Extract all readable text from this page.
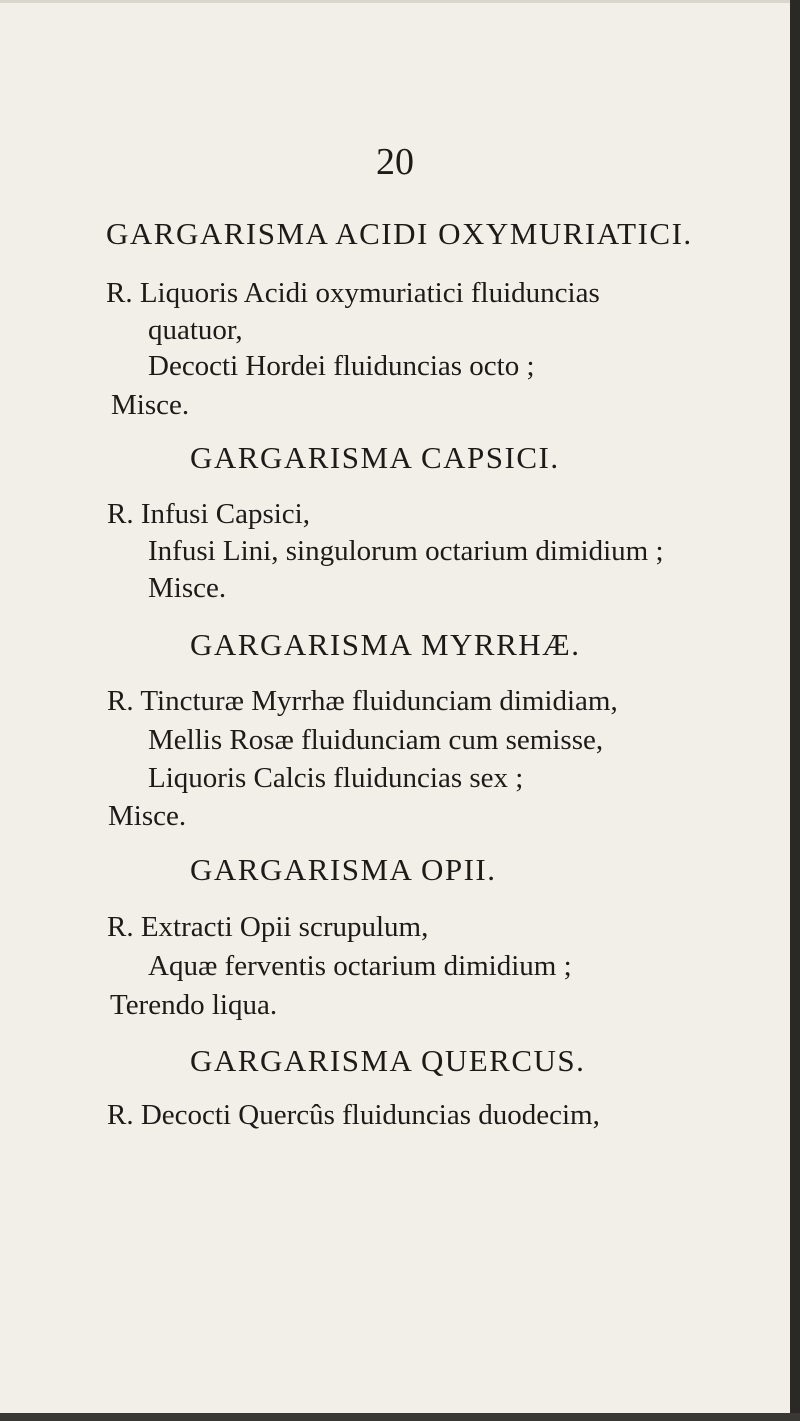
20
GARGARISMA ACIDI OXYMURIATICI.
R. Liquoris Acidi oxymuriatici fluiduncias
quatuor,
Decocti Hordei fluiduncias octo ;
Misce.
GARGARISMA CAPSICI.
R. Infusi Capsici,
Infusi Lini, singulorum octarium dimidium ;
Misce.
GARGARISMA MYRRHÆ.
R. Tincturæ Myrrhæ fluidunciam dimidiam,
Mellis Rosæ fluidunciam cum semisse,
Liquoris Calcis fluiduncias sex ;
Misce.
GARGARISMA OPII.
R. Extracti Opii scrupulum,
Aquæ ferventis octarium dimidium ;
Terendo liqua.
GARGARISMA QUERCUS.
R. Decocti Quercûs fluiduncias duodecim,
